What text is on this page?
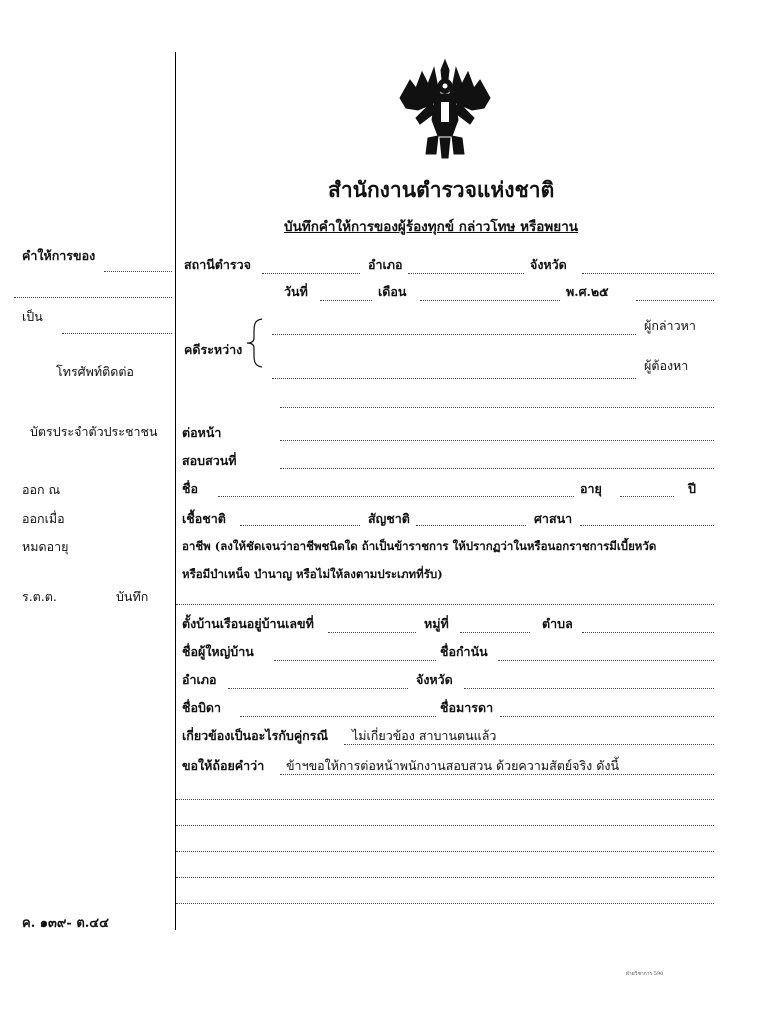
สำนักงานตำรวจแห่งชาติ
บันทึกคำให้การของผู้ร้องทุกข์ กล่าวโทษ หรือพยาน
คำให้การของ
เป็น
โทรศัพท์ติดต่อ
บัตรประจำตัวประชาชน
ออก ณ
ออกเมื่อ
หมดอายุ
ร.ต.ต.	บันทึก
ค. ๑๓๙- ต.๔๔
สถานีตำรวจ	อำเภอ	จังหวัด
วันที่	เดือน	พ.ศ.๒๕
ผู้กล่าวหา
คดีระหว่าง
ผู้ต้องหา
ต่อหน้า
สอบสวนที่
ชื่อ	อายุ	ปี
เชื้อชาติ	สัญชาติ	ศาสนา
อาชีพ (ลงให้ชัดเจนว่าอาชีพชนิดใด ถ้าเป็นข้าราชการ ให้ปรากฏว่าในหรือนอกราชการมีเบี้ยหวัด
หรือมีบำเหน็จ บำนาญ หรือไม่ให้ลงตามประเภทที่รับ)
ตั้งบ้านเรือนอยู่บ้านเลขที่	หมู่ที่	ตำบล
ชื่อผู้ใหญ่บ้าน	ชื่อกำนัน
อำเภอ	จังหวัด
ชื่อบิดา	ชื่อมารดา
เกี่ยวข้องเป็นอะไรกับคู่กรณี ไม่เกี่ยวข้อง สาบานตนแล้ว
ขอให้ถ้อยคำว่า ข้าฯขอให้การต่อหน้าพนักงานสอบสวน ด้วยความสัตย์จริง ดังนี้
ฝ่ายวิชาการ 590
